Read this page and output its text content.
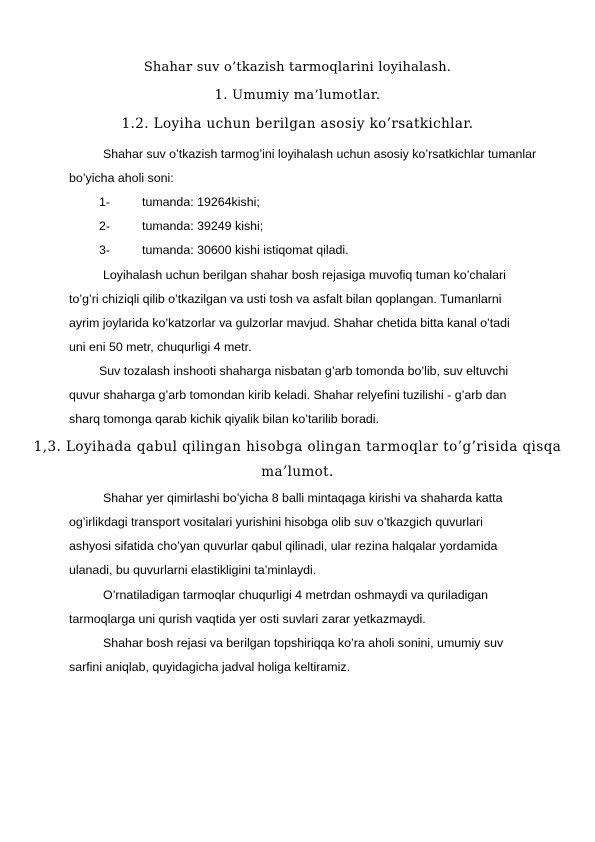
Shahar suv o’tkazish tarmoqlarini loyihalash.
1. Umumiy ma’lumotlar.
1.2. Loyiha uchun berilgan asosiy ko’rsatkichlar.
Shahar suv o’tkazish tarmog’ini loyihalash uchun asosiy ko’rsatkichlar tumanlar
bo’yicha aholi soni:
1-	tumanda: 19264kishi;
2-	tumanda: 39249 kishi;
3-	tumanda: 30600 kishi istiqomat qiladi.
Loyihalash uchun berilgan shahar bosh rejasiga muvofiq tuman ko’chalari
to’g’ri chiziqli qilib o’tkazilgan va usti tosh va asfalt bilan qoplangan. Tumanlarni
ayrim joylarida ko’katzorlar va gulzorlar mavjud. Shahar chetida bitta kanal o’tadi
uni eni 50 metr, chuqurligi 4 metr.
Suv tozalash inshooti shaharga nisbatan g’arb tomonda bo’lib, suv eltuvchi
quvur shaharga g’arb tomondan kirib keladi. Shahar relyefini tuzilishi - g’arb dan
sharq tomonga qarab kichik qiyalik bilan ko’tarilib boradi.
1,3. Loyihada qabul qilingan hisobga olingan tarmoqlar to’g’risida qisqa
ma’lumot.
Shahar yer qimirlashi bo’yicha 8 balli mintaqaga kirishi va shaharda katta
og’irlikdagi transport vositalari yurishini hisobga olib suv o’tkazgich quvurlari
ashyosi sifatida cho’yan quvurlar qabul qilinadi, ular rezina halqalar yordamida
ulanadi, bu quvurlarni elastikligini ta’minlaydi.
O’rnatiladigan tarmoqlar chuqurligi 4 metrdan oshmaydi va quriladigan
tarmoqlarga uni qurish vaqtida yer osti suvlari zarar yetkazmaydi.
Shahar bosh rejasi va berilgan topshiriqqa ko’ra aholi sonini, umumiy suv
sarfini aniqlab, quyidagicha jadval holiga keltiramiz.
